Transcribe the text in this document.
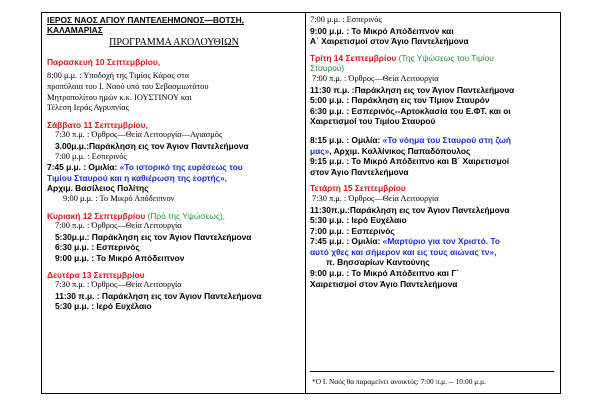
ΙΕΡΟΣ ΝΑΟΣ ΑΓΙΟΥ ΠΑΝΤΕΛΕΗΜΟΝΟΣ—ΒΟΤΣΗ,
ΚΑΛΑΜΑΡΙΑΣ
ΠΡΟΓΡΑΜΜΑ ΑΚΟΛΟΥΘΙΩΝ
Παρασκευή 10 Σεπτεμβρίου,
8:00 μ.μ. : Υποδοχή της Τιμίας Κάρας στα
προπύλαια του Ι. Ναού υπό του Σεβασμιωτάτου
Μητροπολίτου ημών κ.κ. ΙΟΥΣΤΙΝΟΥ και
Τέλεση Ιεράς Αγρυπνίας
Σάββατο 11 Σεπτεμβρίου,
7:30 π.μ. : Όρθρος—Θεία Λειτουργία—Αγιασμός
3.00μ.μ.:Παράκληση εις τον Άγιον Παντελεήμονα
7:00 μ.μ. : Εσπερινός
7:45 μ.μ. : Ομιλία: «Το ιστορικό της ευρέσεως του
Τιμίου Σταυρού και η καθιέρωση της εορτής»,
Αρχιμ. Βασίλειος Πολίτης
9:00 μ.μ. : Το Μικρό Απόδειπνον
Κυριακή 12 Σεπτεμβρίου (Πρό της Υψώσεως),
7:00 π.μ. : Όρθρος—Θεία Λειτουργία
5:30μ.μ.: Παράκληση εις τον Άγιον Παντελεήμονα
6:30 μ.μ. : Εσπερινός
9:00 μ.μ. : Το Μικρό Απόδειπνον
Δευτέρα 13 Σεπτεμβρίου
7:30 π.μ. : Όρθρος—Θεία Λειτουργία
11:30 π.μ. : Παράκληση εις τον Άγιον Παντελεήμονα
5:30 μ.μ. : Ιερό Ευχέλαιο
7:00 μ.μ. : Εσπερινός
9:00 μ.μ. : Το Μικρό Απόδειπνον και
Α΄ Χαιρετισμοί στον Άγιο Παντελεήμονα
Τρίτη 14 Σεπτεμβρίου (Της Υψώσεως του Τιμίου
Σταυρού)
7:00 π.μ. : Όρθρος—Θεία Λειτουργία
11:30 π.μ. :Παράκληση εις τον Άγιον Παντελεήμονα
5:00 μ.μ. : Παράκληση εις τον Τίμιον Σταυρόν
6:30 μ.μ. : Εσπερινός--Αρτοκλασία του Ε.ΦΤ. και οι
Χαιρετισμοί του Τιμίου Σταυρού
8:15 μ.μ. : Ομιλία: «Το νόημα του Σταυρού στη ζωή
μας», Αρχιμ. Καλλίνικος Παπαδόπουλος
9:15 μ.μ. : Το Μικρό Απόδειπνο και Β΄ Χαιρετισμοί
στον Άγιο Παντελεήμονα
Τετάρτη 15 Σεπτεμβρίου
7:30 π.μ. : Όρθρος—Θεία Λειτουργία
11:30π.μ.:Παράκληση εις τον Άγιον Παντελεήμονα
5:30 μ.μ. : Ιερό Ευχέλαιο
7:00 μ.μ. : Εσπερινός
7:45 μ.μ. : Ομιλία: «Μαρτύριο για τον Χριστό. Το
αυτό χθες και σήμερον και εις τους αιώνας τν»,
π. Βησσαρίων Καντούνης
9:00 μ.μ. : Το Μικρό Απόδειπνο και Γ΄
Χαιρετισμοί στον Άγιο Παντελεήμονα
*Ο Ι. Ναός θα παραμείνει ανοικτός: 7:00 π.μ. -- 10:00 μ.μ.
